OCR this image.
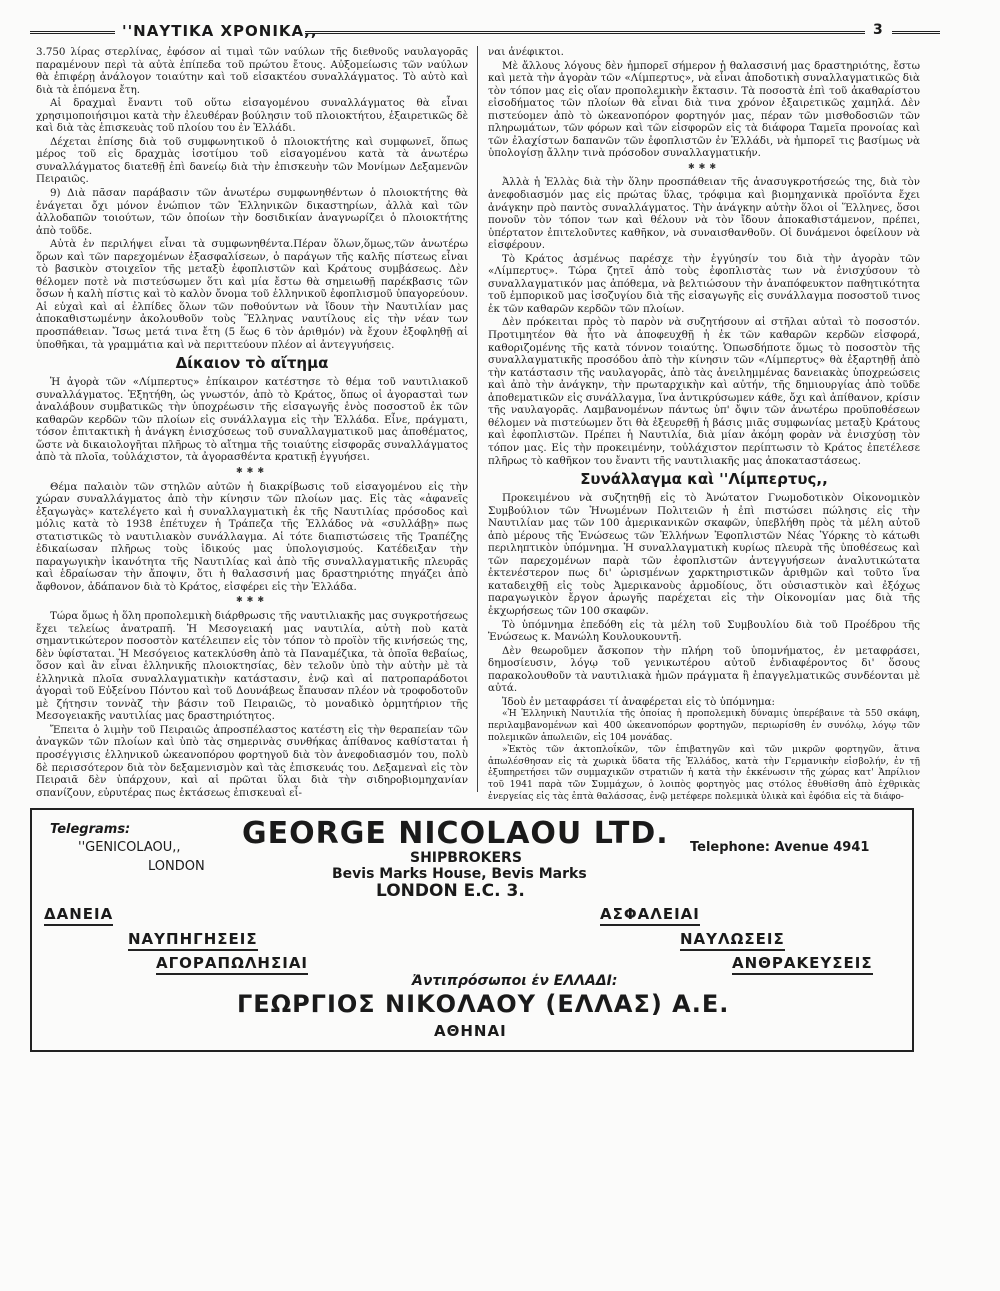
''ΝΑΥΤΙΚΑ ΧΡΟΝΙΚΑ,,	3

3.750 λίρας στερλίνας, ἐφόσον αἱ τιμαὶ τῶν ναύλων τῆς διεθνοῦς ναυλαγορᾶς παραμένουν περὶ τὰ αὐτὰ ἐπίπεδα τοῦ πρώτου ἔτους. Αὐξομείωσις τῶν ναύλων θὰ ἐπιφέρῃ ἀνάλογον τοιαύτην καὶ τοῦ εἰσακτέου συναλλάγματος. Τὸ αὐτὸ καὶ διὰ τὰ ἑπόμενα ἔτη.

Αἱ δραχμαὶ ἔναντι τοῦ οὕτω εἰσαγομένου συναλλάγματος θὰ εἶναι χρησιμοποιήσιμοι κατὰ τὴν ἐλευθέραν βούλησιν τοῦ πλοιοκτήτου, ἐξαιρετικῶς δὲ καὶ διὰ τὰς ἐπισκευὰς τοῦ πλοίου του ἐν Ἑλλάδι.

Δέχεται ἐπίσης διὰ τοῦ συμφωνητικοῦ ὁ πλοιοκτήτης καὶ συμφωνεῖ, ὅπως μέρος τοῦ εἰς δραχμὰς ἰσοτίμου τοῦ εἰσαγομένου κατὰ τὰ ἀνωτέρω συναλλάγματος διατεθῇ ἐπὶ δανείῳ διὰ τὴν ἐπισκευὴν τῶν Μονίμων Δεξαμενῶν Πειραιῶς.

9) Διὰ πᾶσαν παράβασιν τῶν ἀνωτέρω συμφωνηθέντων ὁ πλοιοκτήτης θὰ ἐνάγεται ὄχι μόνον ἐνώπιον τῶν Ἑλληνικῶν δικαστηρίων, ἀλλὰ καὶ τῶν ἀλλοδαπῶν τοιούτων, τῶν ὁποίων τὴν δοσιδικίαν ἀναγνωρίζει ὁ πλοιοκτήτης ἀπὸ τοῦδε.

Αὐτὰ ἐν περιλήψει εἶναι τὰ συμφωνηθέντα.Πέραν ὅλων,ὅμως,τῶν ἀνωτέρω ὅρων καὶ τῶν παρεχομένων ἐξασφαλίσεων, ὁ παράγων τῆς καλῆς πίστεως εἶναι τὸ βασικὸν στοιχεῖον τῆς μεταξὺ ἐφοπλιστῶν καὶ Κράτους συμβάσεως. Δὲν θέλομεν ποτὲ νὰ πιστεύσωμεν ὅτι καὶ μία ἔστω θὰ σημειωθῇ παρέκβασις τῶν ὅσων ἡ καλὴ πίστις καὶ τὸ καλὸν ὄνομα τοῦ ἑλληνικοῦ ἐφοπλισμοῦ ὑπαγορεύουν. Αἱ εὐχαὶ καὶ αἱ ἐλπίδες ὅλων τῶν ποθούντων νὰ ἴδουν τὴν Ναυτιλίαν μας ἀποκαθιστωμένην ἀκολουθοῦν τοὺς Ἕλληνας ναυτίλους εἰς τὴν νέαν των προσπάθειαν. Ἴσως μετά τινα ἔτη (5 ἕως 6 τὸν ἀριθμόν) νὰ ἔχουν ἐξοφληθῇ αἱ ὑποθῆκαι, τὰ γραμμάτια καὶ νὰ περιττεύουν πλέον αἱ ἀντεγγυήσεις.

Δίκαιον τὸ αἴτημα

Ἡ ἀγορὰ τῶν «Λίμπερτυς» ἐπίκαιρον κατέστησε τὸ θέμα τοῦ ναυτιλιακοῦ συναλλάγματος. Ἐξητήθη, ὡς γνωστόν, ἀπὸ τὸ Κράτος, ὅπως οἱ ἀγορασταὶ των ἀναλάβουν συμβατικῶς τὴν ὑποχρέωσιν τῆς εἰσαγωγῆς ἑνὸς ποσοστοῦ ἐκ τῶν καθαρῶν κερδῶν τῶν πλοίων εἰς συνάλλαγμα εἰς τὴν Ἑλλάδα. Εἶνε, πράγματι, τόσον ἐπιτακτικὴ ἡ ἀνάγκη ἐνισχύσεως τοῦ συναλλαγματικοῦ μας ἀποθέματος, ὥστε νὰ δικαιολογῆται πλῆρως τὸ αἴτημα τῆς τοιαύτης εἰσφορᾶς συναλλάγματος ἀπὸ τὰ πλοῖα, τοὐλάχιστον, τὰ ἀγορασθέντα κρατικῇ ἐγγυήσει.

✱✱✱

Θέμα παλαιὸν τῶν στηλῶν αὐτῶν ἡ διακρίβωσις τοῦ εἰσαγομένου εἰς τὴν χώραν συναλλάγματος ἀπὸ τὴν κίνησιν τῶν πλοίων μας. Εἰς τὰς «ἀφανεῖς ἐξαγωγὰς» κατελέγετο καὶ ἡ συναλλαγματικὴ ἐκ τῆς Ναυτιλίας πρόσοδος καὶ μόλις κατὰ τὸ 1938 ἐπέτυχεν ἡ Τράπεζα τῆς Ἑλλάδος νὰ «συλλάβῃ» πως στατιστικῶς τὸ ναυτιλιακὸν συνάλλαγμα. Αἱ τότε διαπιστώσεις τῆς Τραπέζης ἐδικαίωσαν πλῆρως τοὺς ἰδικούς μας ὑπολογισμούς. Κατέδειξαν τὴν παραγωγικὴν ἱκανότητα τῆς Ναυτιλίας καὶ ἀπὸ τῆς συναλλαγματικῆς πλευρᾶς καὶ ἑδραίωσαν τὴν ἄποψιν, ὅτι ἡ θαλασσινή μας δραστηριότης πηγάζει ἀπὸ ἄφθονον, ἀδάπανον διὰ τὸ Κράτος, εἰσφέρει εἰς τὴν Ἑλλάδα.

✱✱✱

Τώρα ὅμως ἡ ὅλη προπολεμικὴ διάρθρωσις τῆς ναυτιλιακῆς μας συγκροτήσεως ἔχει τελείως ἀνατραπῆ. Ἡ Μεσογειακή μας ναυτιλία, αὐτὴ ποὺ κατὰ σημαντικώτερον ποσοστὸν κατέλειπεν εἰς τὸν τόπον τὸ προϊὸν τῆς κινήσεώς της, δὲν ὑφίσταται. Ἡ Μεσόγειος κατεκλύσθη ἀπὸ τὰ Παναμέζικα, τὰ ὁποῖα θεβαίως, ὅσον καὶ ἂν εἶναι ἑλληνικῆς πλοιοκτησίας, δὲν τελοῦν ὑπὸ τὴν αὐτὴν μὲ τὰ ἑλληνικὰ πλοῖα συναλλαγματικὴν κατάστασιν, ἐνῷ καὶ αἱ πατροπαράδοτοι ἀγοραὶ τοῦ Εὐξείνου Πόντου καὶ τοῦ Δουνάβεως ἔπαυσαν πλέον νὰ τροφοδοτοῦν μὲ ζήτησιν τοννὰζ τὴν βάσιν τοῦ Πειραιῶς, τὸ μοναδικὸ ὁρμητήριον τῆς Μεσογειακῆς ναυτιλίας μας δραστηριότητος.

Ἔπειτα ὁ λιμὴν τοῦ Πειραιῶς ἀπροσπέλαστος κατέστη εἰς τὴν θεραπείαν τῶν ἀναγκῶν τῶν πλοίων καὶ ὑπὸ τὰς σημερινὰς συνθήκας ἀπίθανος καθίσταται ἡ προσέγγισις ἑλληνικοῦ ὠκεανοπόρου φορτηγοῦ διὰ τὸν ἀνεφοδιασμόν του, πολὺ δὲ περισσότερον διὰ τὸν δεξαμενισμὸν καὶ τὰς ἐπισκευάς του. Δεξαμεναὶ εἰς τὸν Πειραιᾶ δὲν ὑπάρχουν, καὶ αἱ πρῶται ὕλαι διὰ τὴν σιδηροβιομηχανίαν σπανίζουν, εὐρυτέρας πως ἐκτάσεως ἐπισκευαὶ εἶ-

ναι ἀνέφικτοι.

Μὲ ἄλλους λόγους δὲν ἠμπορεῖ σήμερον ἡ θαλασσινή μας δραστηριότης, ἔστω καὶ μετὰ τὴν ἀγορὰν τῶν «Λίμπερτυς», νὰ εἶναι ἀποδοτικὴ συναλλαγματικῶς διὰ τὸν τόπον μας εἰς οἵαν προπολεμικὴν ἔκτασιν. Τὰ ποσοστὰ ἐπὶ τοῦ ἀκαθαρίστου εἰσοδήματος τῶν πλοίων θὰ εἶναι διὰ τινα χρόνον ἐξαιρετικῶς χαμηλά. Δὲν πιστεύομεν ἀπὸ τὸ ὠκεανοπόρον φορτηγόν μας, πέραν τῶν μισθοδοσιῶν τῶν πληρωμάτων, τῶν φόρων καὶ τῶν εἰσφορῶν εἰς τὰ διάφορα Ταμεῖα προνοίας καὶ τῶν ἐλαχίστων δαπανῶν τῶν ἐφοπλιστῶν ἐν Ἑλλάδι, νὰ ἠμπορεῖ τις βασίμως νὰ ὑπολογίσῃ ἄλλην τινὰ πρόσοδον συναλλαγματικήν.

✱✱✱

Ἀλλὰ ἡ Ἑλλὰς διὰ τὴν ὅλην προσπάθειαν τῆς ἀνασυγκροτήσεώς της, διὰ τὸν ἀνεφοδιασμόν μας εἰς πρώτας ὕλας, τρόφιμα καὶ βιομηχανικὰ προϊόντα ἔχει ἀνάγκην πρὸ παντὸς συναλλάγματος. Τὴν ἀνάγκην αὐτὴν ὅλοι οἱ Ἕλληνες, ὅσοι πονοῦν τὸν τόπον των καὶ θέλουν νὰ τὸν ἴδουν ἀποκαθιστάμενον, πρέπει, ὑπέρτατον ἐπιτελοῦντες καθῆκον, νὰ συναισθανθοῦν. Οἱ δυνάμενοι ὀφείλουν νὰ εἰσφέρουν.

Τὸ Κράτος ἀσμένως παρέσχε τὴν ἐγγύησίν του διὰ τὴν ἀγορὰν τῶν «Λίμπερτυς». Τώρα ζητεῖ ἀπὸ τοὺς ἐφοπλιστὰς των νὰ ἐνισχύσουν τὸ συναλλαγματικόν μας ἀπόθεμα, νὰ βελτιώσουν τὴν ἀναπόφευκτον παθητικότητα τοῦ ἐμπορικοῦ μας ἰσοζυγίου διὰ τῆς εἰσαγωγῆς εἰς συνάλλαγμα ποσοστοῦ τινος ἐκ τῶν καθαρῶν κερδῶν τῶν πλοίων.

Δὲν πρόκειται πρὸς τὸ παρὸν νὰ συζητήσουν αἱ στῆλαι αὐταὶ τὸ ποσοστόν. Προτιμητέον θὰ ἦτο νὰ ἀποφευχθῇ ἡ ἐκ τῶν καθαρῶν κερδῶν εἰσφορά, καθοριζομένης τῆς κατὰ τόννον τοιαύτης. Ὁπωσδήποτε ὅμως τὸ ποσοστὸν τῆς συναλλαγματικῆς προσόδου ἀπὸ τὴν κίνησιν τῶν «Λίμπερτυς» θὰ ἐξαρτηθῇ ἀπὸ τὴν κατάστασιν τῆς ναυλαγορᾶς, ἀπὸ τὰς ἀνειλημμένας δανειακὰς ὑποχρεώσεις καὶ ἀπὸ τὴν ἀνάγκην, τὴν πρωταρχικὴν καὶ αὐτήν, τῆς δημιουργίας ἀπὸ τοῦδε ἀποθεματικῶν εἰς συνάλλαγμα, ἵνα ἀντικρύσωμεν κάθε, ὄχι καὶ ἀπίθανον, κρίσιν τῆς ναυλαγορᾶς. Λαμβανομένων πάντως ὑπ' ὄψιν τῶν ἀνωτέρω προϋποθέσεων θέλομεν νὰ πιστεύωμεν ὅτι θὰ ἐξευρεθῇ ἡ βάσις μιᾶς συμφωνίας μεταξὺ Κράτους καὶ ἐφοπλιστῶν. Πρέπει ἡ Ναυτιλία, διὰ μίαν ἀκόμη φορὰν νὰ ἐνισχύσῃ τὸν τόπον μας. Εἰς τὴν προκειμένην, τοὐλάχιστον περίπτωσιν τὸ Κράτος ἐπετέλεσε πλῆρως τὸ καθῆκον του ἔναντι τῆς ναυτιλιακῆς μας ἀποκαταστάσεως.

Συνάλλαγμα καὶ ''Λίμπερτυς,,

Προκειμένου νὰ συζητηθῇ εἰς τὸ Ἀνώτατον Γνωμοδοτικὸν Οἰκονομικὸν Συμβούλιον τῶν Ἡνωμένων Πολιτειῶν ἡ ἐπὶ πιστώσει πώλησις εἰς τὴν Ναυτιλίαν μας τῶν 100 ἀμερικανικῶν σκαφῶν, ὑπεβλήθη πρὸς τὰ μέλη αὐτοῦ ἀπὸ μέρους τῆς Ἑνώσεως τῶν Ἑλλήνων Ἐφοπλιστῶν Νέας Ὑόρκης τὸ κάτωθι περιληπτικὸν ὑπόμνημα. Ἡ συναλλαγματικὴ κυρίως πλευρὰ τῆς ὑποθέσεως καὶ τῶν παρεχομένων παρὰ τῶν ἐφοπλιστῶν ἀντεγγυήσεων ἀναλυτικώτατα ἐκτενέστερον πως δι' ὡρισμένων χαρκτηριστικῶν ἀριθμῶν καὶ τοῦτο ἵνα καταδειχθῇ εἰς τοὺς Ἀμερικανοὺς ἁρμοδίους, ὅτι οὐσιαστικὸν καὶ ἐξόχως παραγωγικὸν ἔργον ἀρωγῆς παρέχεται εἰς τὴν Οἰκονομίαν μας διὰ τῆς ἐκχωρήσεως τῶν 100 σκαφῶν.

Τὸ ὑπόμνημα ἐπεδόθη εἰς τὰ μέλη τοῦ Συμβουλίου διὰ τοῦ Προέδρου τῆς Ἑνώσεως κ. Μανώλη Κουλουκουντῆ.

Δὲν θεωροῦμεν ἄσκοπον τὴν πλήρη τοῦ ὑπομνήματος, ἐν μεταφράσει, δημοσίευσιν, λόγῳ τοῦ γενικωτέρου αὐτοῦ ἐνδιαφέροντος δι' ὅσους παρακολουθοῦν τὰ ναυτιλιακὰ ἡμῶν πράγματα ἢ ἐπαγγελματικῶς συνδέονται μὲ αὐτά.

Ἰδοὺ ἐν μεταφράσει τί ἀναφέρεται εἰς τὸ ὑπόμνημα:

«Ἡ Ἑλληνικὴ Ναυτιλία τῆς ὁποίας ἡ προπολεμικὴ δύναμις ὑπερέβαινε τὰ 550 σκάφη, περιλαμβανομένων καὶ 400 ὠκεανοπόρων φορτηγῶν, περιωρίσθη ἐν συνόλῳ, λόγῳ τῶν πολεμικῶν ἀπωλειῶν, εἰς 104 μονάδας.

»Ἐκτὸς τῶν ἀκτοπλοΐκῶν, τῶν ἐπιβατηγῶν καὶ τῶν μικρῶν φορτηγῶν, ἅτινα ἀπωλέσθησαν εἰς τὰ χωρικὰ ὕδατα τῆς Ἑλλάδος, κατὰ τὴν Γερμανικὴν εἰσβολήν, ἐν τῇ ἐξυπηρετήσει τῶν συμμαχικῶν στρατιῶν ἡ κατὰ τὴν ἐκκένωσιν τῆς χώρας κατ' Ἀπρίλιον τοῦ 1941 παρὰ τῶν Συμμάχων, ὁ λοιπὸς φορτηγὸς μας στόλος ἐθυθίσθη ἀπὸ ἐχθρικὰς ἐνεργείας εἰς τὰς ἑπτὰ θαλάσσας, ἐνῷ μετέφερε πολεμικὰ ὑλικὰ καὶ ἐφόδια εἰς τὰ διάφο-

Telegrams:
''GENICOLAOU,,
LONDON
GEORGE NICOLAOU LTD. Telephone: Avenue 4941
SHIPBROKERS
Bevis Marks House, Bevis Marks
LONDON E.C. 3.
ΔΑΝΕΙΑ
ΝΑΥΠΗΓΗΣΕΙΣ
ΑΓΟΡΑΠΩΛΗΣΙΑΙ
ΑΣΦΑΛΕΙΑΙ
ΝΑΥΛΩΣΕΙΣ
ΑΝΘΡΑΚΕΥΣΕΙΣ
Ἀντιπρόσωποι ἐν ΕΛΛΑΔΙ:
ΓΕΩΡΓΙΟΣ ΝΙΚΟΛΑΟΥ (ΕΛΛΑΣ) Α.Ε.
ΑΘΗΝΑΙ
